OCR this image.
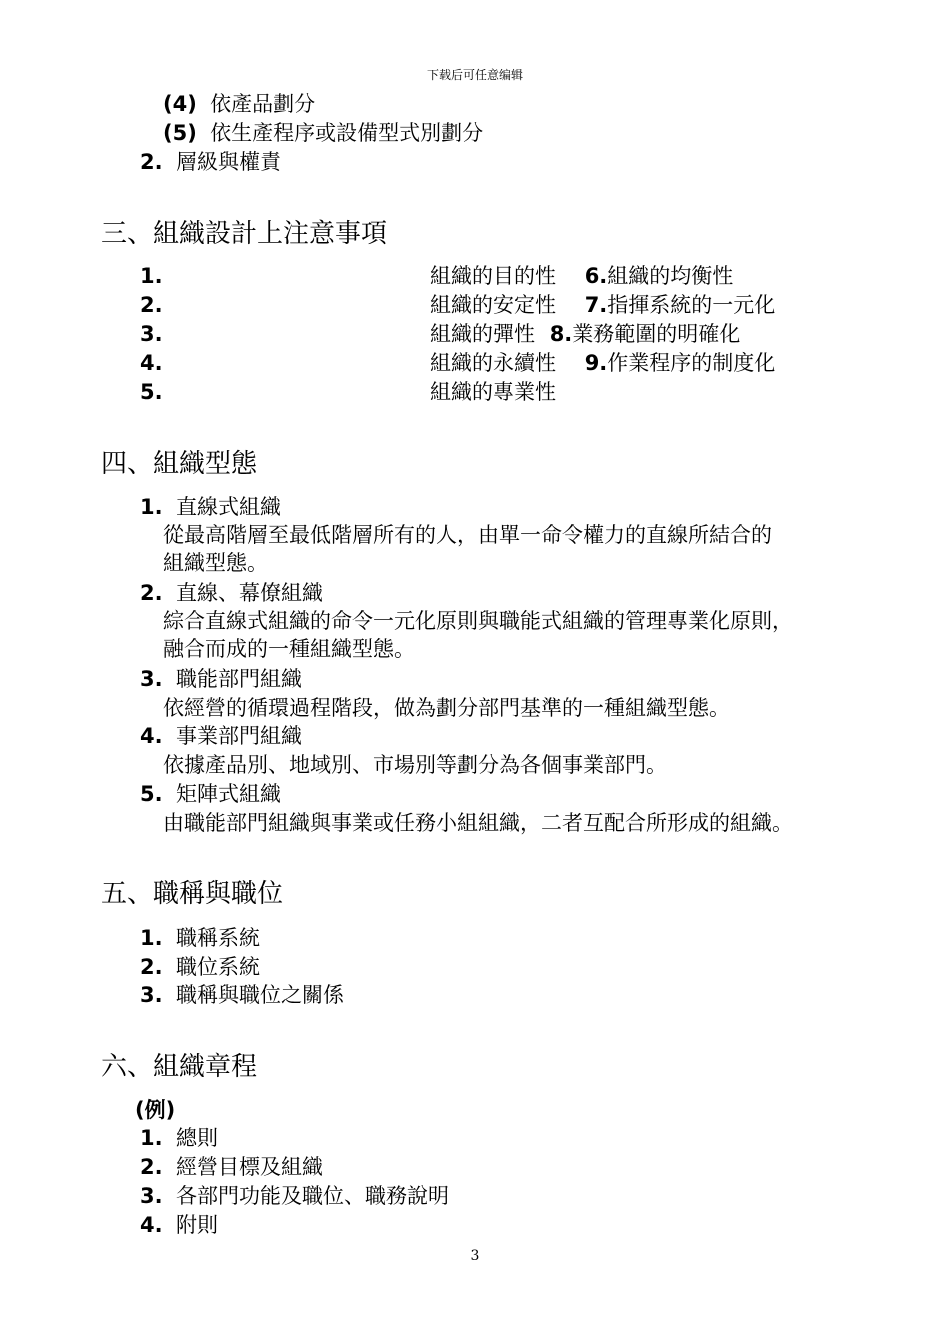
下载后可任意编辑
(4) 依產品劃分
(5) 依生產程序或設備型式別劃分
2. 層級與權責
三、組織設計上注意事項
1.	組織的目的性 6.組織的均衡性
2.	組織的安定性 7.指揮系統的一元化
3.	組織的彈性 8.業務範圍的明確化
4.	組織的永續性 9.作業程序的制度化
5.	組織的專業性
四、組織型態
1. 直線式組織
從最高階層至最低階層所有的人，由單一命令權力的直線所結合的
組織型態。
2. 直線、幕僚組織
綜合直線式組織的命令一元化原則與職能式組織的管理專業化原則，
融合而成的一種組織型態。
3. 職能部門組織
依經營的循環過程階段，做為劃分部門基準的一種組織型態。
4. 事業部門組織
依據產品別、地域別、市場別等劃分為各個事業部門。
5. 矩陣式組織
由職能部門組織與事業或任務小組組織，二者互配合所形成的組織。
五、職稱與職位
1. 職稱系統
2. 職位系統
3. 職稱與職位之關係
六、組織章程
(例)
1. 總則
2. 經營目標及組織
3. 各部門功能及職位、職務說明
4. 附則
3
